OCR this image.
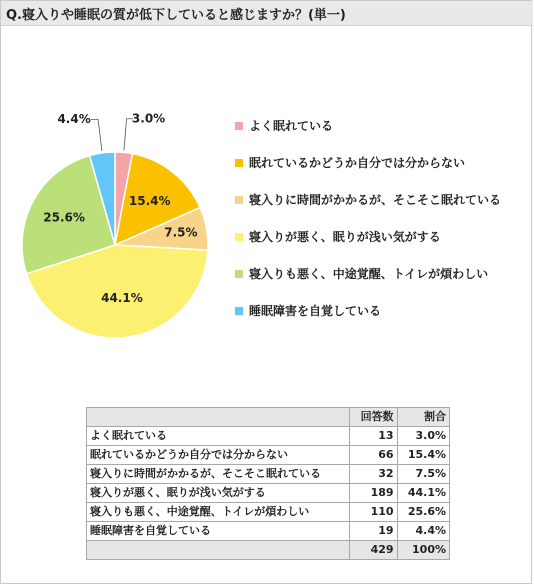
Q.寝入りや睡眠の質が低下していると感じますか？(単一)
3.0%
15.4%
7.5%
44.1%
25.6%
4.4%
よく眠れている
眠れているかどうか自分では分からない
寝入りに時間がかかるが、そこそこ眠れている
寝入りが悪く、眠りが浅い気がする
寝入りも悪く、中途覚醒、トイレが煩わしい
睡眠障害を自覚している
	回答数	割合
よく眠れている	13	3.0%
眠れているかどうか自分では分からない	66	15.4%
寝入りに時間がかかるが、そこそこ眠れている	32	7.5%
寝入りが悪く、眠りが浅い気がする	189	44.1%
寝入りも悪く、中途覚醒、トイレが煩わしい	110	25.6%
睡眠障害を自覚している	19	4.4%
	429	100%
